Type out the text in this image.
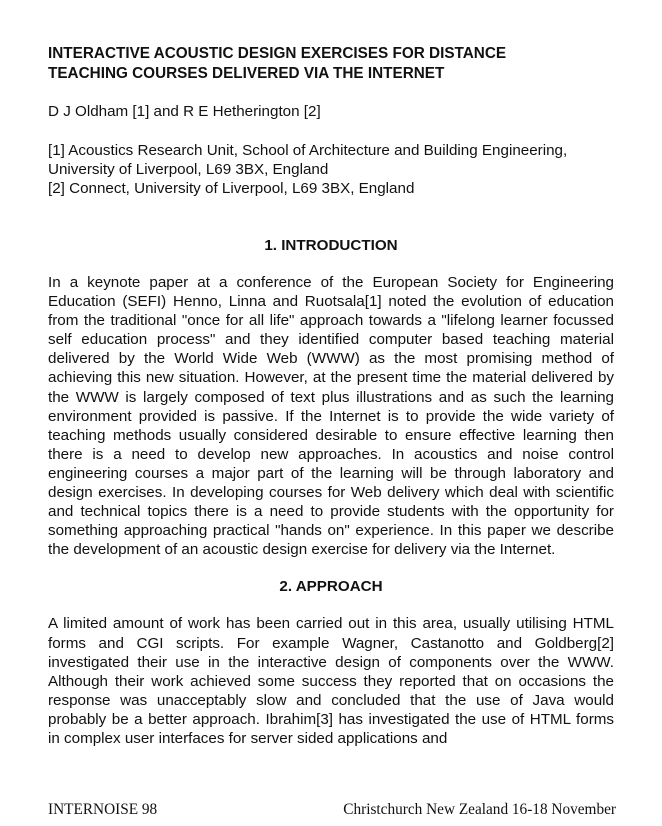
INTERACTIVE ACOUSTIC DESIGN EXERCISES FOR DISTANCE TEACHING COURSES DELIVERED VIA THE INTERNET

D J Oldham [1] and R E Hetherington [2]

[1] Acoustics Research Unit, School of Architecture and Building Engineering, University of Liverpool, L69 3BX, England
[2] Connect, University of Liverpool, L69 3BX, England
1. INTRODUCTION

In a keynote paper at a conference of the European Society for Engineering Education (SEFI) Henno, Linna and Ruotsala[1] noted the evolution of education from the traditional "once for all life" approach towards a "lifelong learner focussed self education process" and they identified computer based teaching material delivered by the World Wide Web (WWW) as the most promising method of achieving this new situation. However, at the present time the material delivered by the WWW is largely composed of text plus illustrations and as such the learning environment provided is passive. If the Internet is to provide the wide variety of teaching methods usually considered desirable to ensure effective learning then there is a need to develop new approaches. In acoustics and noise control engineering courses a major part of the learning will be through laboratory and design exercises. In developing courses for Web delivery which deal with scientific and technical topics there is a need to provide students with the opportunity for something approaching practical "hands on" experience. In this paper we describe the development of an acoustic design exercise for delivery via the Internet.

2. APPROACH

A limited amount of work has been carried out in this area, usually utilising HTML forms and CGI scripts. For example Wagner, Castanotto and Goldberg[2] investigated their use in the interactive design of components over the WWW. Although their work achieved some success they reported that on occasions the response was unacceptably slow and concluded that the use of Java would probably be a better approach. Ibrahim[3] has investigated the use of HTML forms in complex user interfaces for server sided applications and

INTERNOISE 98	Christchurch New Zealand 16-18 November
